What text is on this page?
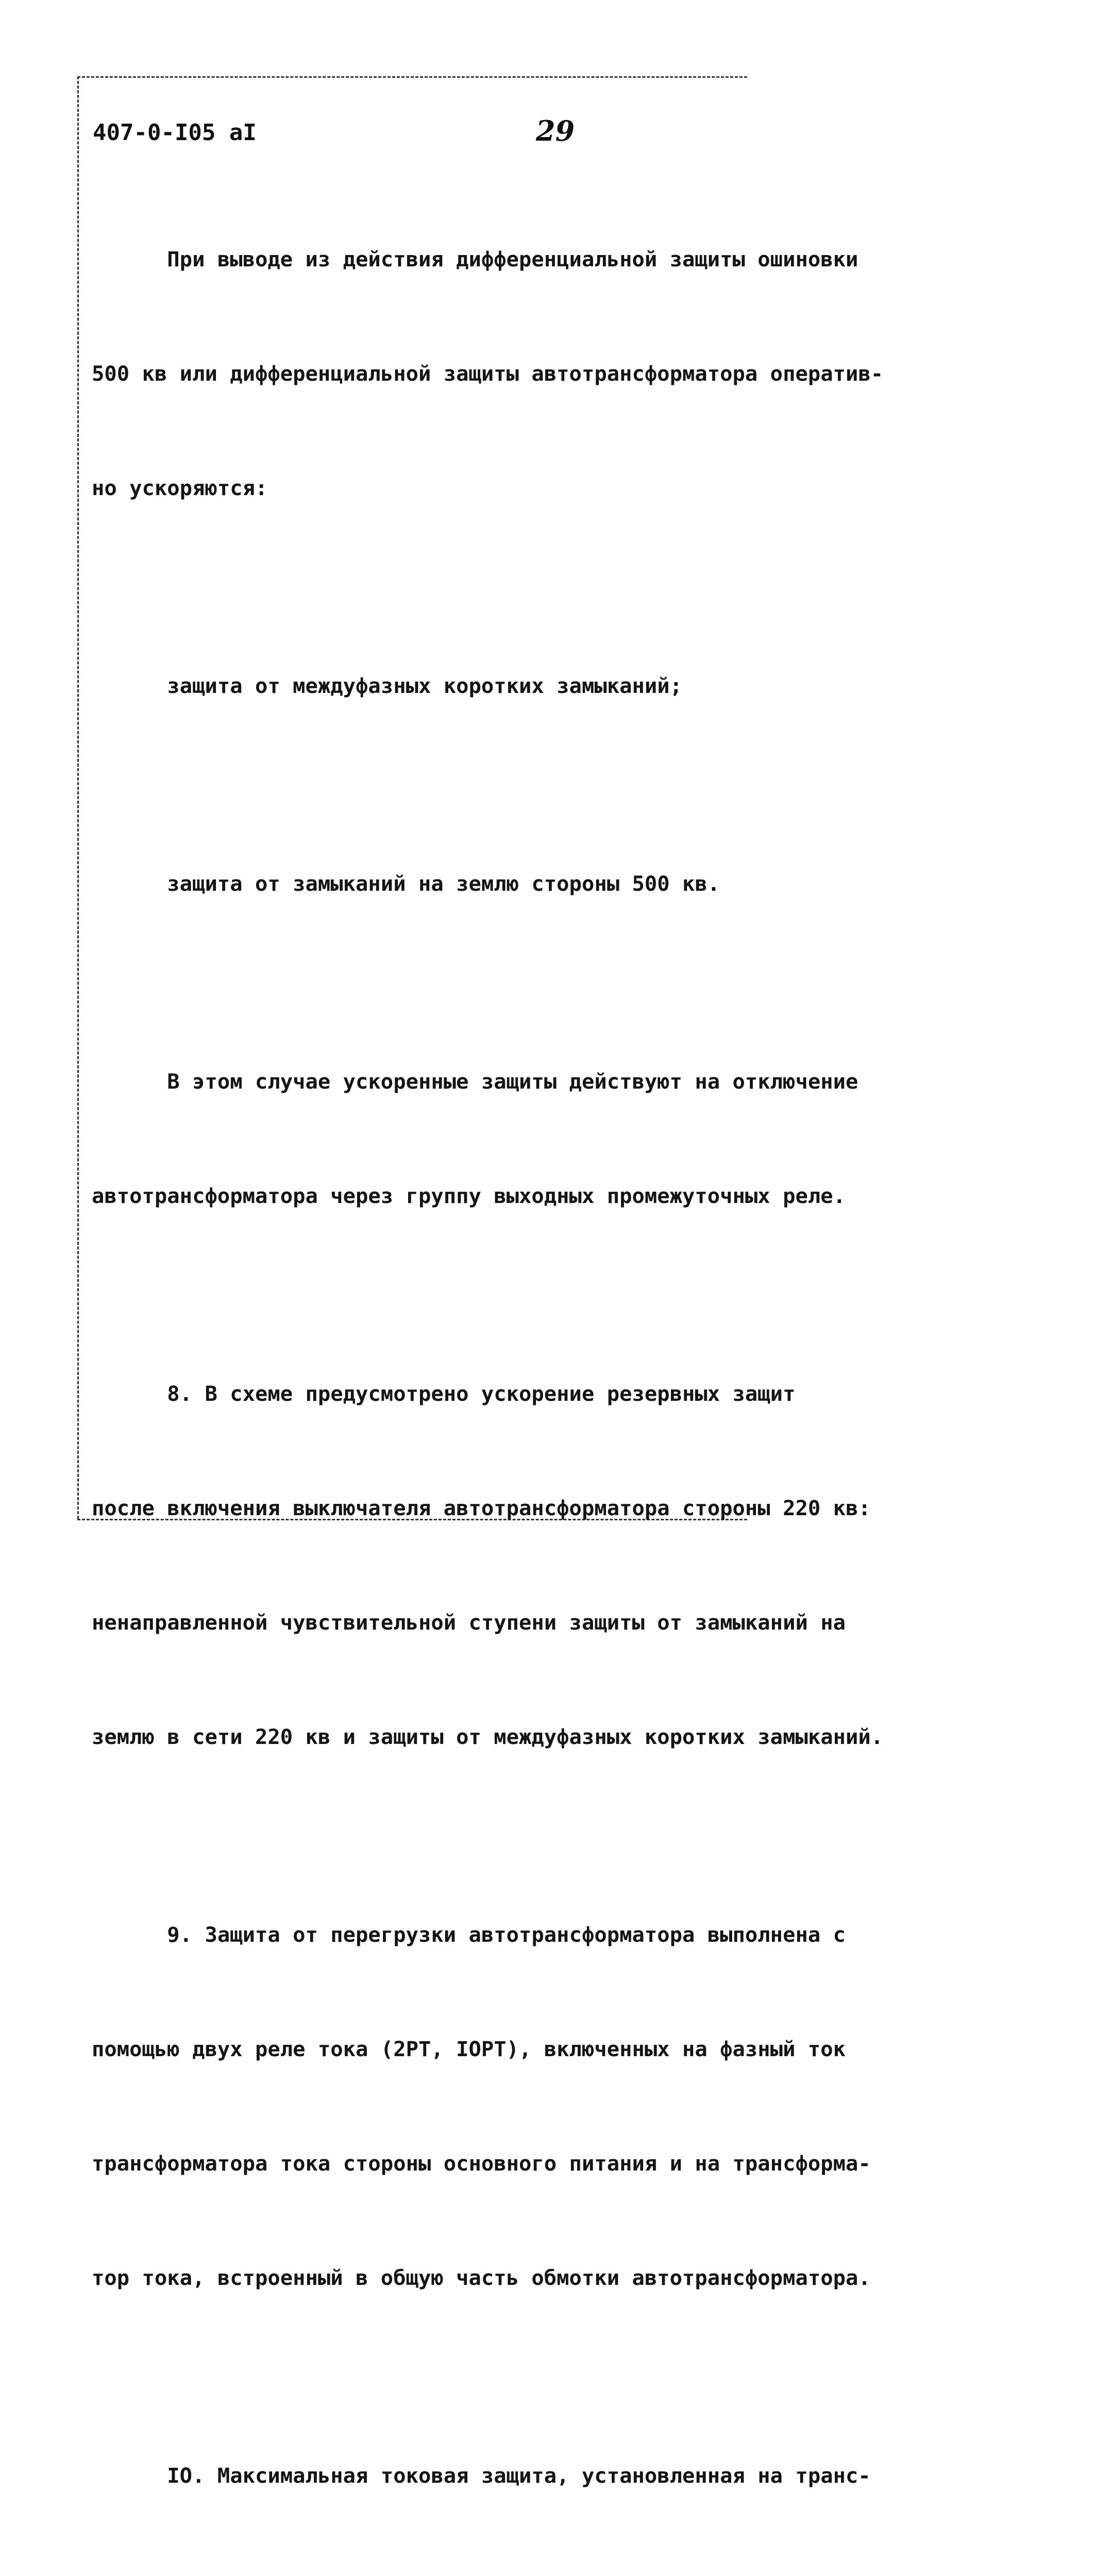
407-0-I05 aI	29

При выводе из действия дифференциальной защиты ошиновки

500 кв или дифференциальной защиты автотрансформатора оператив-

но ускоряются:

защита от междуфазных коротких замыканий;

защита от замыканий на землю стороны 500 кв.

В этом случае ускоренные защиты действуют на отключение

автотрансформатора через группу выходных промежуточных реле.

8. В схеме предусмотрено ускорение резервных защит

после включения выключателя автотрансформатора стороны 220 кв:

ненаправленной чувствительной ступени защиты от замыканий на

землю в сети 220 кв и защиты от междуфазных коротких замыканий.

9. Защита от перегрузки автотрансформатора выполнена с

помощью двух реле тока (2РТ, IОРТ), включенных на фазный ток

трансформатора тока стороны основного питания и на трансформа-

тор тока, встроенный в общую часть обмотки автотрансформатора.

IО. Максимальная токовая защита, установленная на транс-
